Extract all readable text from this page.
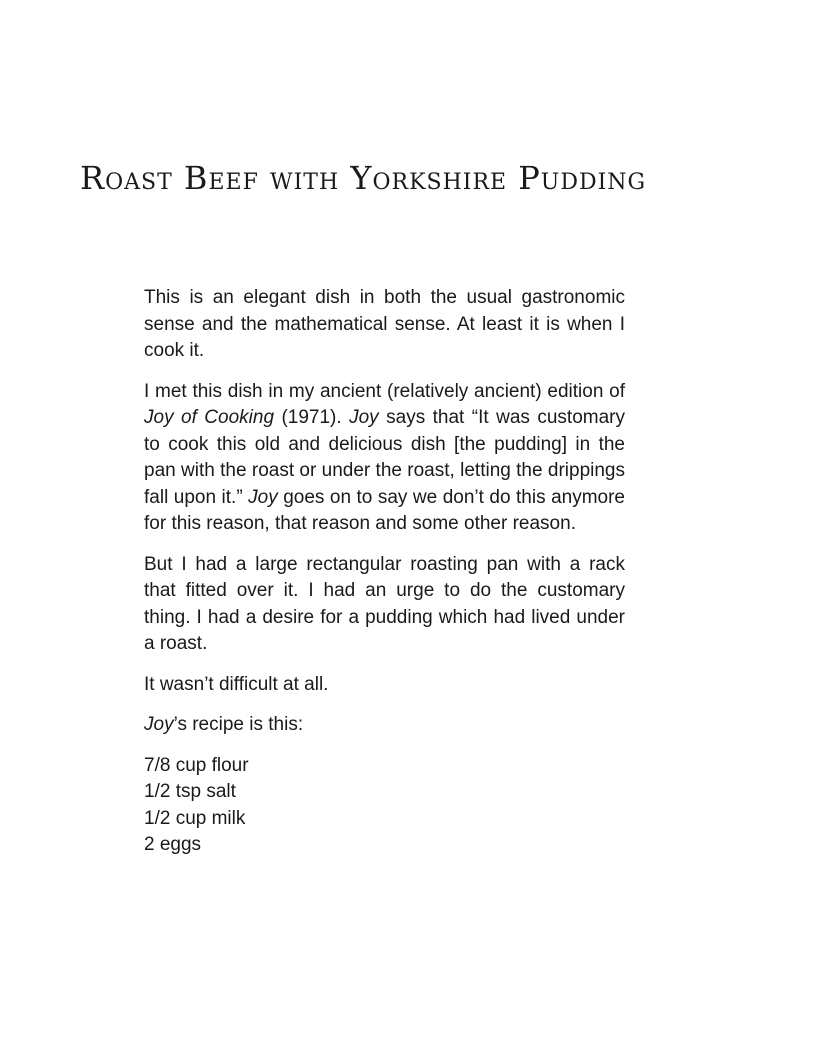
Roast Beef with Yorkshire Pudding

This is an elegant dish in both the usual gastronomic sense and the mathematical sense. At least it is when I cook it.

I met this dish in my ancient (relatively ancient) edition of Joy of Cooking (1971). Joy says that “It was customary to cook this old and delicious dish [the pudding] in the pan with the roast or under the roast, letting the drippings fall upon it.” Joy goes on to say we don’t do this anymore for this reason, that reason and some other reason.

But I had a large rectangular roasting pan with a rack that fitted over it. I had an urge to do the customary thing. I had a desire for a pudding which had lived under a roast.

It wasn’t difficult at all.

Joy’s recipe is this:

7/8 cup flour
1/2 tsp salt
1/2 cup milk
2 eggs
